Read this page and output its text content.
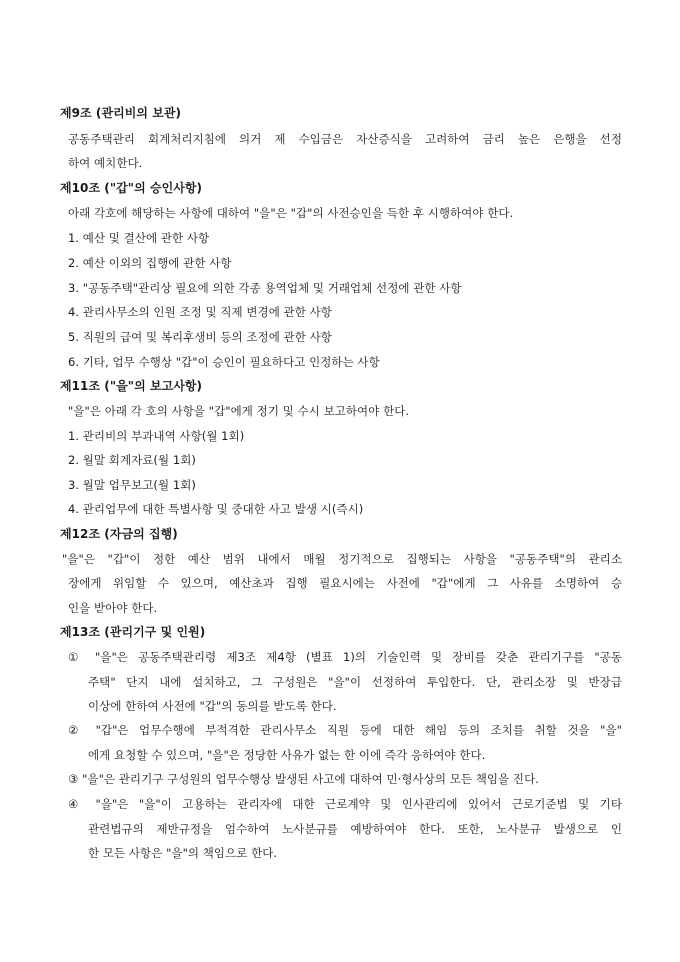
제9조 (관리비의 보관)
공동주택관리 회계처리지침에 의거 제 수입금은 자산증식을 고려하여 금리 높은 은행을 선정
하여 예치한다.
제10조 ("갑"의 승인사항)
아래 각호에 해당하는 사항에 대하여 "을"은 "갑"의 사전승인을 득한 후 시행하여야 한다.
1. 예산 및 결산에 관한 사항
2. 예산 이외의 집행에 관한 사항
3. "공동주택"관리상 필요에 의한 각종 용역업체 및 거래업체 선정에 관한 사항
4. 관리사무소의 인원 조정 및 직제 변경에 관한 사항
5. 직원의 급여 및 복리후생비 등의 조정에 관한 사항
6. 기타, 업무 수행상 "갑"이 승인이 필요하다고 인정하는 사항
제11조 ("을"의 보고사항)
"을"은 아래 각 호의 사항을 "갑"에게 정기 및 수시 보고하여야 한다.
1. 관리비의 부과내역 사항(월 1회)
2. 월말 회계자료(월 1회)
3. 월말 업무보고(월 1회)
4. 관리업무에 대한 특별사항 및 중대한 사고 발생 시(즉시)
제12조 (자금의 집행)
"을"은 "갑"이 정한 예산 범위 내에서 매월 정기적으로 집행되는 사항을 "공동주택"의 관리소
장에게 위임할 수 있으며, 예산초과 집행 필요시에는 사전에 "갑"에게 그 사유를 소명하여 승
인을 받아야 한다.
제13조 (관리기구 및 인원)
① "을"은 공동주택관리령 제3조 제4항 (별표 1)의 기술인력 및 장비를 갖춘 관리기구를 "공동
주택" 단지 내에 설치하고, 그 구성원은 "을"이 선정하여 투입한다. 단, 관리소장 및 반장급
이상에 한하여 사전에 "갑"의 동의를 받도록 한다.
② "갑"은 업무수행에 부적격한 관리사무소 직원 등에 대한 해임 등의 조치를 취할 것을 "을"
에게 요청할 수 있으며, "을"은 정당한 사유가 없는 한 이에 즉각 응하여야 한다.
③ "을"은 관리기구 구성원의 업무수행상 발생된 사고에 대하여 민·형사상의 모든 책임을 진다.
④ "을"은 "을"이 고용하는 관리자에 대한 근로계약 및 인사관리에 있어서 근로기준법 및 기타
관련법규의 제반규정을 엄수하여 노사분규를 예방하여야 한다. 또한, 노사분규 발생으로 인
한 모든 사항은 "을"의 책임으로 한다.
